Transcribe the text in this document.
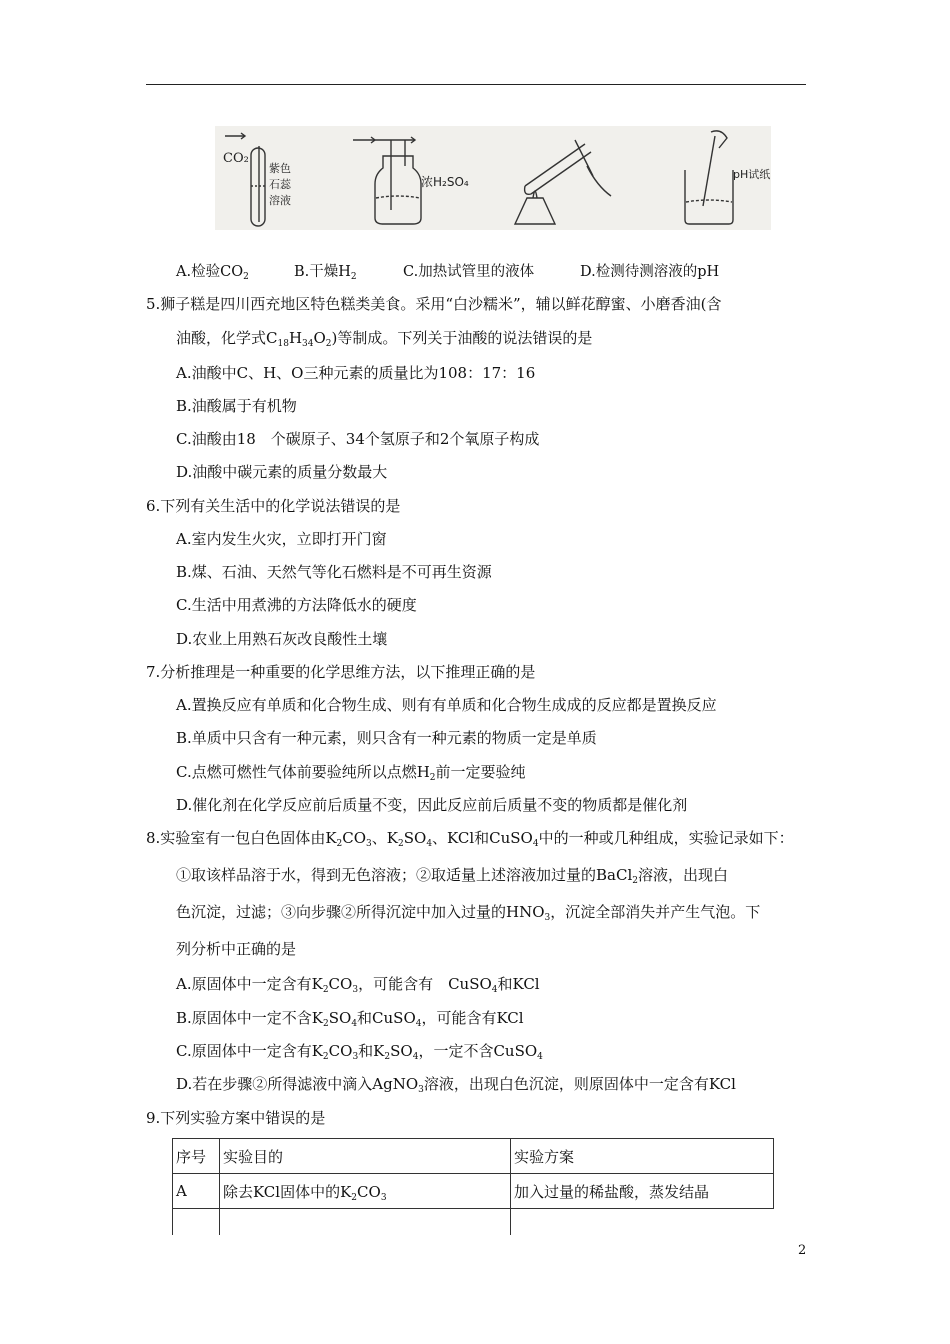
CO₂
紫色
石蕊
溶液
浓H₂SO₄
pH试纸
A.检验$CO_2$	B.干燥$H_2$	C.加热试管里的液体	D.检测待测溶液的pH
5.狮子糕是四川西充地区特色糕类美食。采用“白沙糯米”，辅以鲜花醇蜜、小磨香油(含
油酸，化学式$C_{18}H_{34}O_2$)等制成。下列关于油酸的说法错误的是
A.油酸中C、H、O三种元素的质量比为108：17：16
B.油酸属于有机物
C.油酸由18　个碳原子、34个氢原子和2个氧原子构成
D.油酸中碳元素的质量分数最大
6.下列有关生活中的化学说法错误的是
A.室内发生火灾，立即打开门窗
B.煤、石油、天然气等化石燃料是不可再生资源
C.生活中用煮沸的方法降低水的硬度
D.农业上用熟石灰改良酸性土壤
7.分析推理是一种重要的化学思维方法，以下推理正确的是
A.置换反应有单质和化合物生成、则有有单质和化合物生成成的反应都是置换反应
B.单质中只含有一种元素，则只含有一种元素的物质一定是单质
C.点燃可燃性气体前要验纯所以点燃$H_2$前一定要验纯
D.催化剂在化学反应前后质量不变，因此反应前后质量不变的物质都是催化剂
8.实验室有一包白色固体由$K_2CO_3$、$K_2SO_4$、KCl和CuSO$_4$中的一种或几种组成，实验记录如下：
①取该样品溶于水，得到无色溶液；②取适量上述溶液加过量的BaCl$_2$溶液，出现白
色沉淀，过滤；③向步骤②所得沉淀中加入过量的$HNO_3$，沉淀全部消失并产生气泡。下
列分析中正确的是
A.原固体中一定含有$K_2CO_3$，可能含有　CuSO$_4$和KCl
B.原固体中一定不含$K_2SO_4$和CuSO$_4$，可能含有KCl
C.原固体中一定含有$K_2CO_3$和$K_2SO_4$，一定不含CuSO$_4$
D.若在步骤②所得滤液中滴入AgNO$_3$溶液，出现白色沉淀，则原固体中一定含有KCl
9.下列实验方案中错误的是
序号	实验目的	实验方案
A	除去KCl固体中的$K_2CO_3$	加入过量的稀盐酸，蒸发结晶

2
